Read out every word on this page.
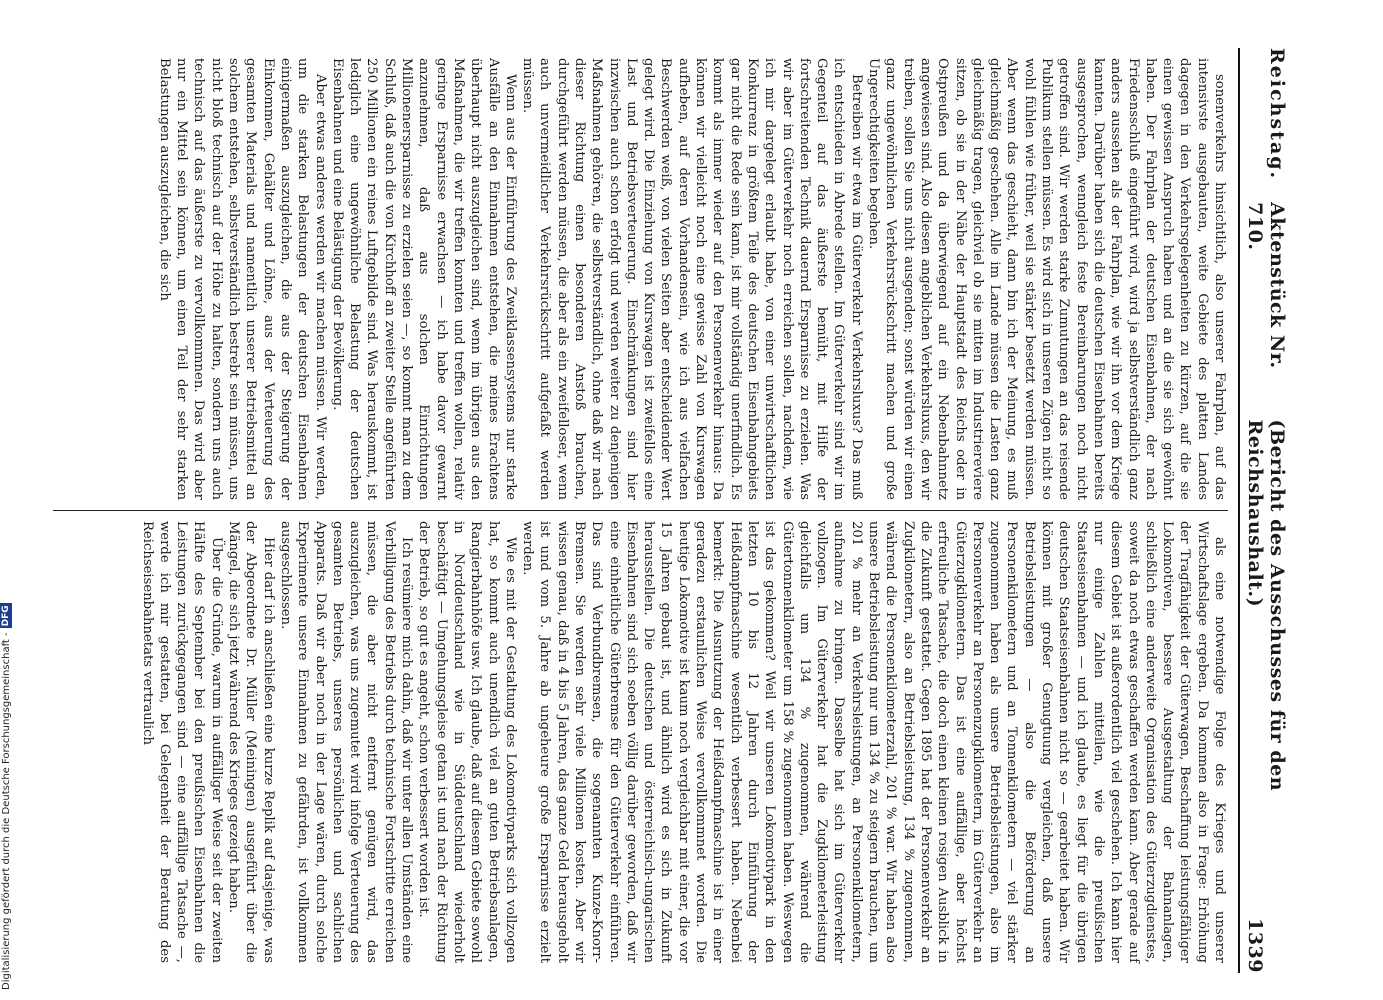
Reichstag.
Aktenstück Nr. 710.
(Bericht des Ausschusses für den Reichshaushalt.)
1339

sonenverkehrs hinsichtlich, also unserer Fahrplan, auf das intensivste ausgebauten, weite Gebiete des platten Landes dagegen in den Verkehrsgelegenheiten zu kürzen, auf die sie einen gewissen Anspruch haben und an die sie sich gewöhnt haben. Der Fahrplan der deutschen Eisenbahnen, der nach Friedensschluß eingeführt wird, wird ja selbstverständlich ganz anders aussehen als der Fahrplan, wie wir ihn vor dem Kriege kannten. Darüber haben sich die deutschen Eisenbahnen bereits ausgesprochen, wenngleich feste Bereinbarungen noch nicht getroffen sind. Wir werden starke Zumutungen an das reisende Publikum stellen müssen. Es wird sich in unseren Zügen nicht so wohl fühlen wie früher, weil sie stärker besetzt werden müssen. Aber wenn das geschieht, dann bin ich der Meinung, es muß gleichmäßig geschehen. Alle im Lande müssen die Lasten ganz gleichmäßig tragen, gleichviel ob sie mitten im Industriereviere sitzen, ob sie in der Nähe der Hauptstadt des Reichs oder in Ostpreußen und da überwiegend auf ein Nebenbahnnetz angewiesen sind. Also diesen angeblichen Verkehrsluxus, den wir treiben, sollen Sie uns nicht ausgenden; sonst würden wir einen ganz ungewöhnlichen Verkehrsrückschritt machen und große Ungerechtigkeiten begehen.

Betreiben wir etwa im Güterverkehr Verkehrsluxus? Das muß ich entschieden in Abrede stellen. Im Güterverkehr sind wir im Gegenteil auf das äußerste bemüht, mit Hilfe der fortschreitenden Technik dauernd Ersparnisse zu erzielen. Was wir aber im Güterverkehr noch erreichen sollen, nachdem, wie ich mir dargelegt erlaubt habe, von einer unwirtschaftlichen Konkurrenz in größtem Teile des deutschen Eisenbahngebiets gar nicht die Rede sein kann, ist mir vollständig unerfindlich. Es kommt als immer wieder auf den Personenverkehr hinaus: Da können wir vielleicht noch eine gewisse Zahl von Kurswagen aufheben, auf deren Vorhandensein, wie ich aus vielfachen Beschwerden weiß, von vielen Seiten aber entscheidender Wert gelegt wird. Die Einziehung von Kurswagen ist zweifellos eine Last und Betriebsverteuerung. Einschränkungen sind hier inzwischen auch schon erfolgt und werden weiter zu denjenigen Maßnahmen gehören, die selbstverständlich, ohne daß wir nach dieser Richtung einen besonderen Anstoß brauchen, durchgeführt werden müssen, die aber als ein zweifelloser, wenn auch unvermeidlicher Verkehrsrückschritt aufgefaßt werden müssen.

Wenn aus der Einführung des Zweiklassensystems nur starke Ausfälle an den Einnahmen entstehen, die meines Erachtens überhaupt nicht auszugleichen sind, wenn im übrigen aus den Maßnahmen, die wir treffen konnten und treffen wollen, relativ geringe Ersparnisse erwachsen — ich habe davor gewarnt anzunehmen, daß aus solchen Einrichtungen Millionenersparnisse zu erzielen seien —, so kommt man zu dem Schluß, daß auch die von Kirchhoff an zweiter Stelle angeführten 250 Millionen ein reines Luftgebilde sind. Was herauskommt, ist lediglich eine ungewöhnliche Belastung der deutschen Eisenbahnen und eine Belästigung der Bevölkerung.

Aber etwas anderes werden wir machen müssen. Wir werden, um die starken Belastungen der deutschen Eisenbahnen einigermaßen auszugleichen, die aus der Steigerung der Einkommen, Gehälter und Löhne, aus der Verteuerung des gesamten Materials und namentlich unserer Betriebsmittel an solchem entstehen, selbstverständlich bestrebt sein müssen, uns nicht bloß technisch auf der Höhe zu halten, sondern uns auch technisch auf das äußerste zu vervollkommnen. Das wird aber nur ein Mittel sein können, um einen Teil der sehr starken Belastungen auszugleichen, die sich

als eine notwendige Folge des Krieges und unserer Wirtschaftslage ergeben. Da kommen also in Frage: Erhöhung der Tragfähigkeit der Güterwagen, Beschaffung leistungsfähiger Lokomotiven, bessere Ausgestaltung der Bahnanlagen, schließlich eine anderweite Organisation des Güterzugdienstes, soweit da noch etwas geschaffen werden kann. Aber gerade auf diesem Gebiet ist außerordentlich viel geschehen. Ich kann hier nur einige Zahlen mitteilen, wie die preußischen Staatseisenbahnen — und ich glaube, es liegt für die übrigen deutschen Staatseisenbahnen nicht so — gearbeitet haben. Wir können mit großer Genugtuung vergleichen, daß unsere Betriebsleistungen — also die Beförderung an Personenkilometern und an Tonnenkilometern — viel stärker zugenommen haben als unsere Betriebsleistungen, also im Personenverkehr an Personenzugkilometern, im Güterverkehr an Güterzugkilometern. Das ist eine auffällige, aber höchst erfreuliche Tatsache, die doch einen kleinen rosigen Ausblick in die Zukunft gestattet. Gegen 1895 hat der Personenverkehr an Zugkilometern, also an Betriebsleistung, 134 % zugenommen, während die Personenkilometerzahl, 201 % war. Wir haben also unsere Betriebsleistung nur um 134 % zu steigern brauchen, um 201 % mehr an Verkehrsleistungen, an Personenkilometern, aufnahme zu bringen. Dasselbe hat sich im Güterverkehr vollzogen. Im Güterverkehr hat die Zugkilometerleistung gleichfalls um 134 % zugenommen, während die Gütertonnenkilometer um 158 % zugenommen haben. Weswegen ist das gekommen? Weil wir unseren Lokomotivpark in den letzten 10 bis 12 Jahren durch Einführung der Heißdampfmaschine wesentlich verbessert haben. Nebenbei bemerkt: Die Ausnutzung der Heißdampfmaschine ist in einer geradezu erstaunlichen Weise vervollkommnet worden. Die heutige Lokomotive ist kaum noch vergleichbar mit einer, die vor 15 Jahren gebaut ist, und ähnlich wird es sich in Zukunft herausstellen. Die deutschen und österreichisch-ungarischen Eisenbahnen sind sich soeben völlig darüber geworden, daß wir eine einheitliche Güterbremse für den Güterverkehr einführen. Das sind Verbundbremsen, die sogenannten Kunze-Knorr-Bremsen. Sie werden sehr viele Millionen kosten. Aber wir wissen genau, daß in 4 bis 5 Jahren, das ganze Geld herausgeholt ist und vom 5. Jahre ab ungeheure große Ersparnisse erzielt werden.

Wie es mit der Gestaltung des Lokomotivparks sich vollzogen hat, so kommt auch unendlich viel an guten Betriebsanlagen, Rangierbahnhöfe usw. Ich glaube, daß auf diesem Gebiete sowohl in Norddeutschland wie in Süddeutschland wiederholt beschäftigt — Umgehungsgleise getan ist und nach der Richtung der Betrieb, so gut es angeht, schon verbessert worden ist.

Ich resümiere mich dahin, daß wir unter allen Umständen eine Verbilligung des Betriebs durch technische Fortschritte erreichen müssen, die aber nicht entfernt genügen wird, das auszugleichen, was uns zugemutet wird infolge Verteuerung des gesamten Betriebs, unseres persönlichen und sachlichen Apparats. Daß wir aber noch in der Lage wären, durch solche Experimente unsere Einnahmen zu gefährden, ist vollkommen ausgeschlossen.

Hier darf ich anschließen eine kurze Replik auf dasjenige, was der Abgeordnete Dr. Müller (Meiningen) ausgeführt über die Mängel, die sich jetzt während des Krieges gezeigt haben.

Über die Gründe, warum in auffälliger Weise seit der zweiten Hälfte des September bei den preußischen Eisenbahnen die Leistungen zurückgegangen sind — eine auffällige Tatsache —, werde ich mir gestatten, bei Gelegenheit der Beratung des Reichseisenbahnetats vertraulich

Digitalisierung gefördert durch die Deutsche Forschungsgemeinschaft -
DFG
